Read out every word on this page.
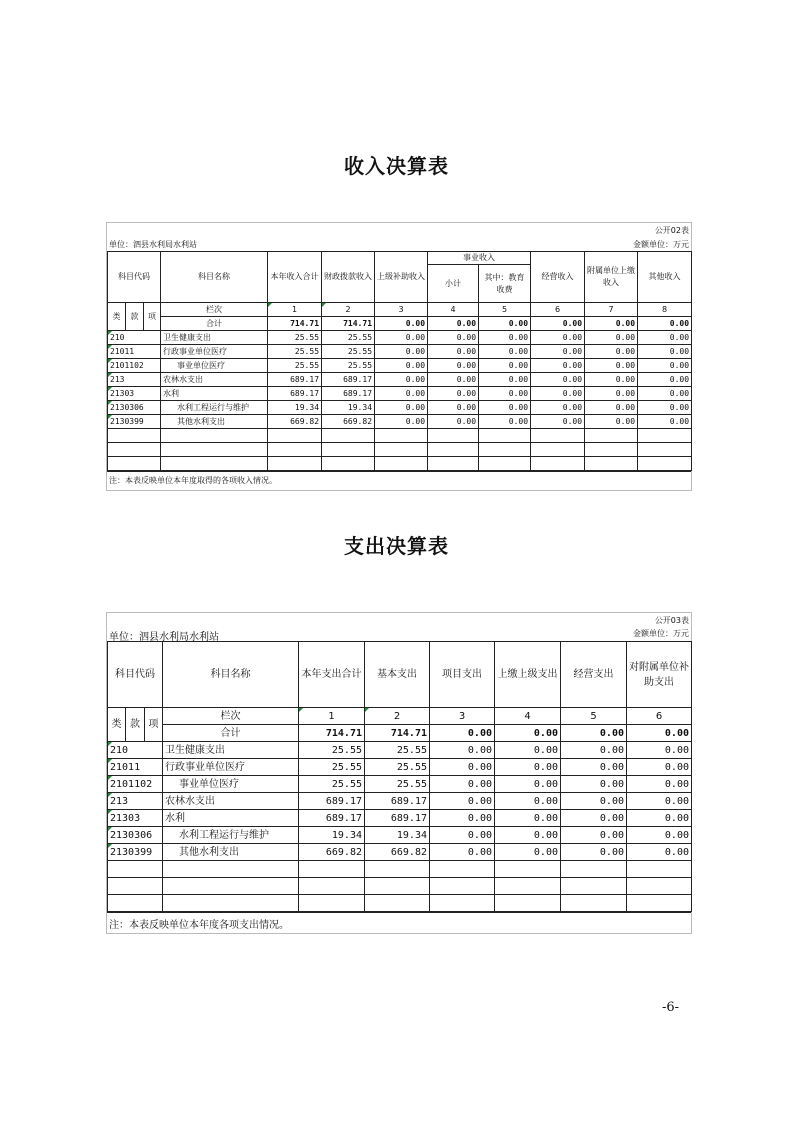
收入决算表
公开02表
单位：泗县水利局水利站	金额单位：万元
科目代码			科目名称	本年收入合计	财政拨款收入	上级补助收入	事业收入		经营收入	附属单位上缴收入	其他收入
							小计	其中：教育收费			
类	款	项	栏次	1	2	3	4	5	6	7	8
			合计	714.71	714.71	0.00	0.00	0.00	0.00	0.00	0.00
210			卫生健康支出	25.55	25.55	0.00	0.00	0.00	0.00	0.00	0.00
21011			行政事业单位医疗	25.55	25.55	0.00	0.00	0.00	0.00	0.00	0.00
2101102			事业单位医疗	25.55	25.55	0.00	0.00	0.00	0.00	0.00	0.00
213			农林水支出	689.17	689.17	0.00	0.00	0.00	0.00	0.00	0.00
21303			水利	689.17	689.17	0.00	0.00	0.00	0.00	0.00	0.00
2130306			水利工程运行与维护	19.34	19.34	0.00	0.00	0.00	0.00	0.00	0.00
2130399			其他水利支出	669.82	669.82	0.00	0.00	0.00	0.00	0.00	0.00

注：本表反映单位本年度取得的各项收入情况。
支出决算表
公开03表
单位：泗县水利局水利站	金额单位：万元
科目代码			科目名称	本年支出合计	基本支出	项目支出	上缴上级支出	经营支出	对附属单位补助支出
类	款	项	栏次	1	2	3	4	5	6
			合计	714.71	714.71	0.00	0.00	0.00	0.00
210			卫生健康支出	25.55	25.55	0.00	0.00	0.00	0.00
21011			行政事业单位医疗	25.55	25.55	0.00	0.00	0.00	0.00
2101102			事业单位医疗	25.55	25.55	0.00	0.00	0.00	0.00
213			农林水支出	689.17	689.17	0.00	0.00	0.00	0.00
21303			水利	689.17	689.17	0.00	0.00	0.00	0.00
2130306			水利工程运行与维护	19.34	19.34	0.00	0.00	0.00	0.00
2130399			其他水利支出	669.82	669.82	0.00	0.00	0.00	0.00

注：本表反映单位本年度各项支出情况。
-6-
